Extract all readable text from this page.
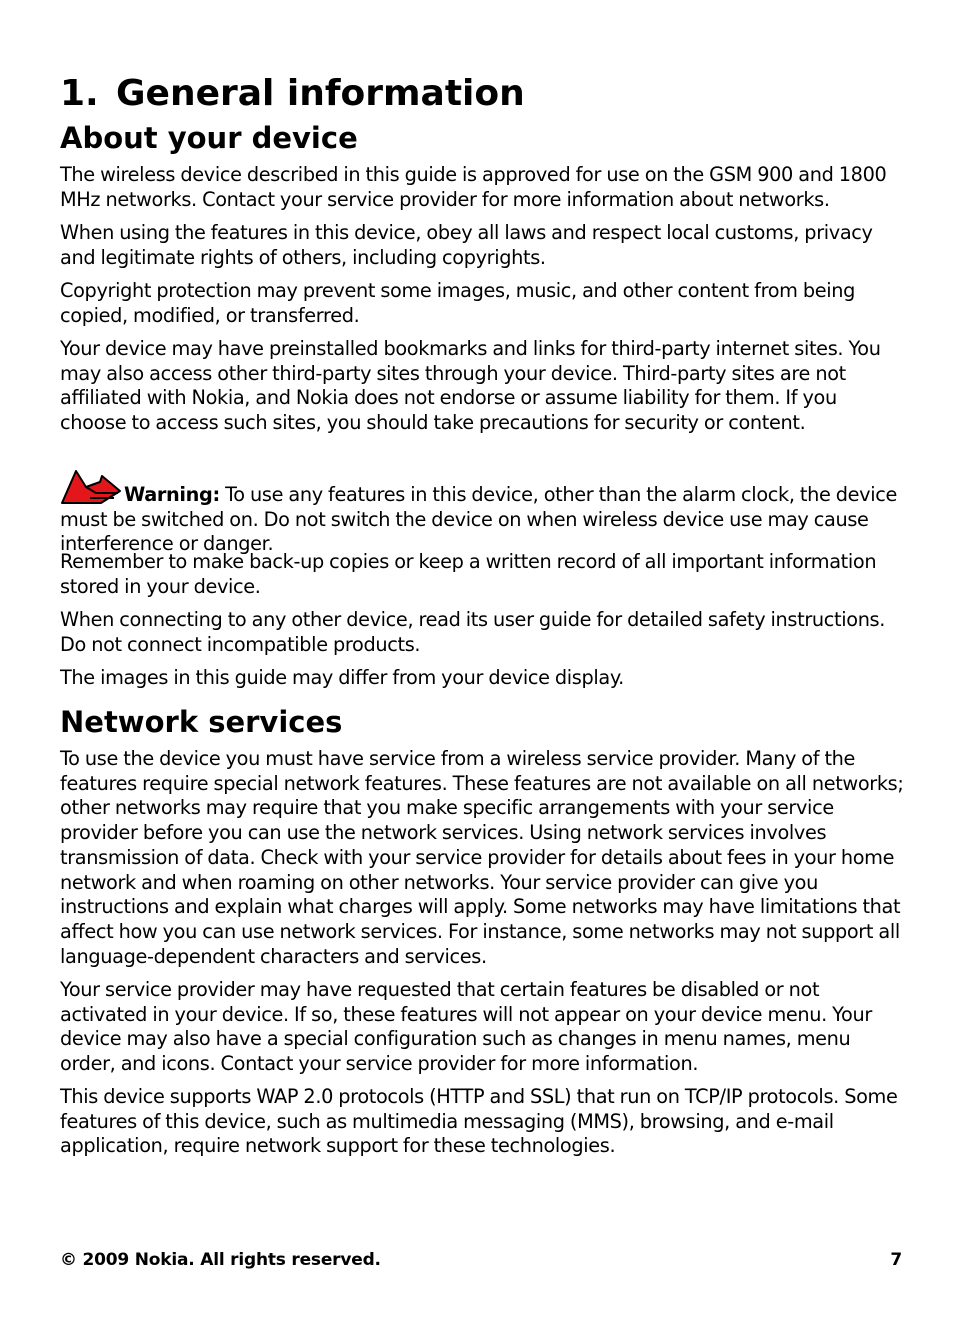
1. General information
About your device

The wireless device described in this guide is approved for use on the GSM 900 and 1800 MHz networks. Contact your service provider for more information about networks.

When using the features in this device, obey all laws and respect local customs, privacy and legitimate rights of others, including copyrights.

Copyright protection may prevent some images, music, and other content from being copied, modified, or transferred.

Your device may have preinstalled bookmarks and links for third-party internet sites. You may also access other third-party sites through your device. Third-party sites are not affiliated with Nokia, and Nokia does not endorse or assume liability for them. If you choose to access such sites, you should take precautions for security or content.

Warning: To use any features in this device, other than the alarm clock, the device must be switched on. Do not switch the device on when wireless device use may cause interference or danger.

Remember to make back-up copies or keep a written record of all important information stored in your device.

When connecting to any other device, read its user guide for detailed safety instructions. Do not connect incompatible products.

The images in this guide may differ from your device display.

Network services

To use the device you must have service from a wireless service provider. Many of the features require special network features. These features are not available on all networks; other networks may require that you make specific arrangements with your service provider before you can use the network services. Using network services involves transmission of data. Check with your service provider for details about fees in your home network and when roaming on other networks. Your service provider can give you instructions and explain what charges will apply. Some networks may have limitations that affect how you can use network services. For instance, some networks may not support all language-dependent characters and services.

Your service provider may have requested that certain features be disabled or not activated in your device. If so, these features will not appear on your device menu. Your device may also have a special configuration such as changes in menu names, menu order, and icons. Contact your service provider for more information.

This device supports WAP 2.0 protocols (HTTP and SSL) that run on TCP/IP protocols. Some features of this device, such as multimedia messaging (MMS), browsing, and e-mail application, require network support for these technologies.

© 2009 Nokia. All rights reserved.	7
